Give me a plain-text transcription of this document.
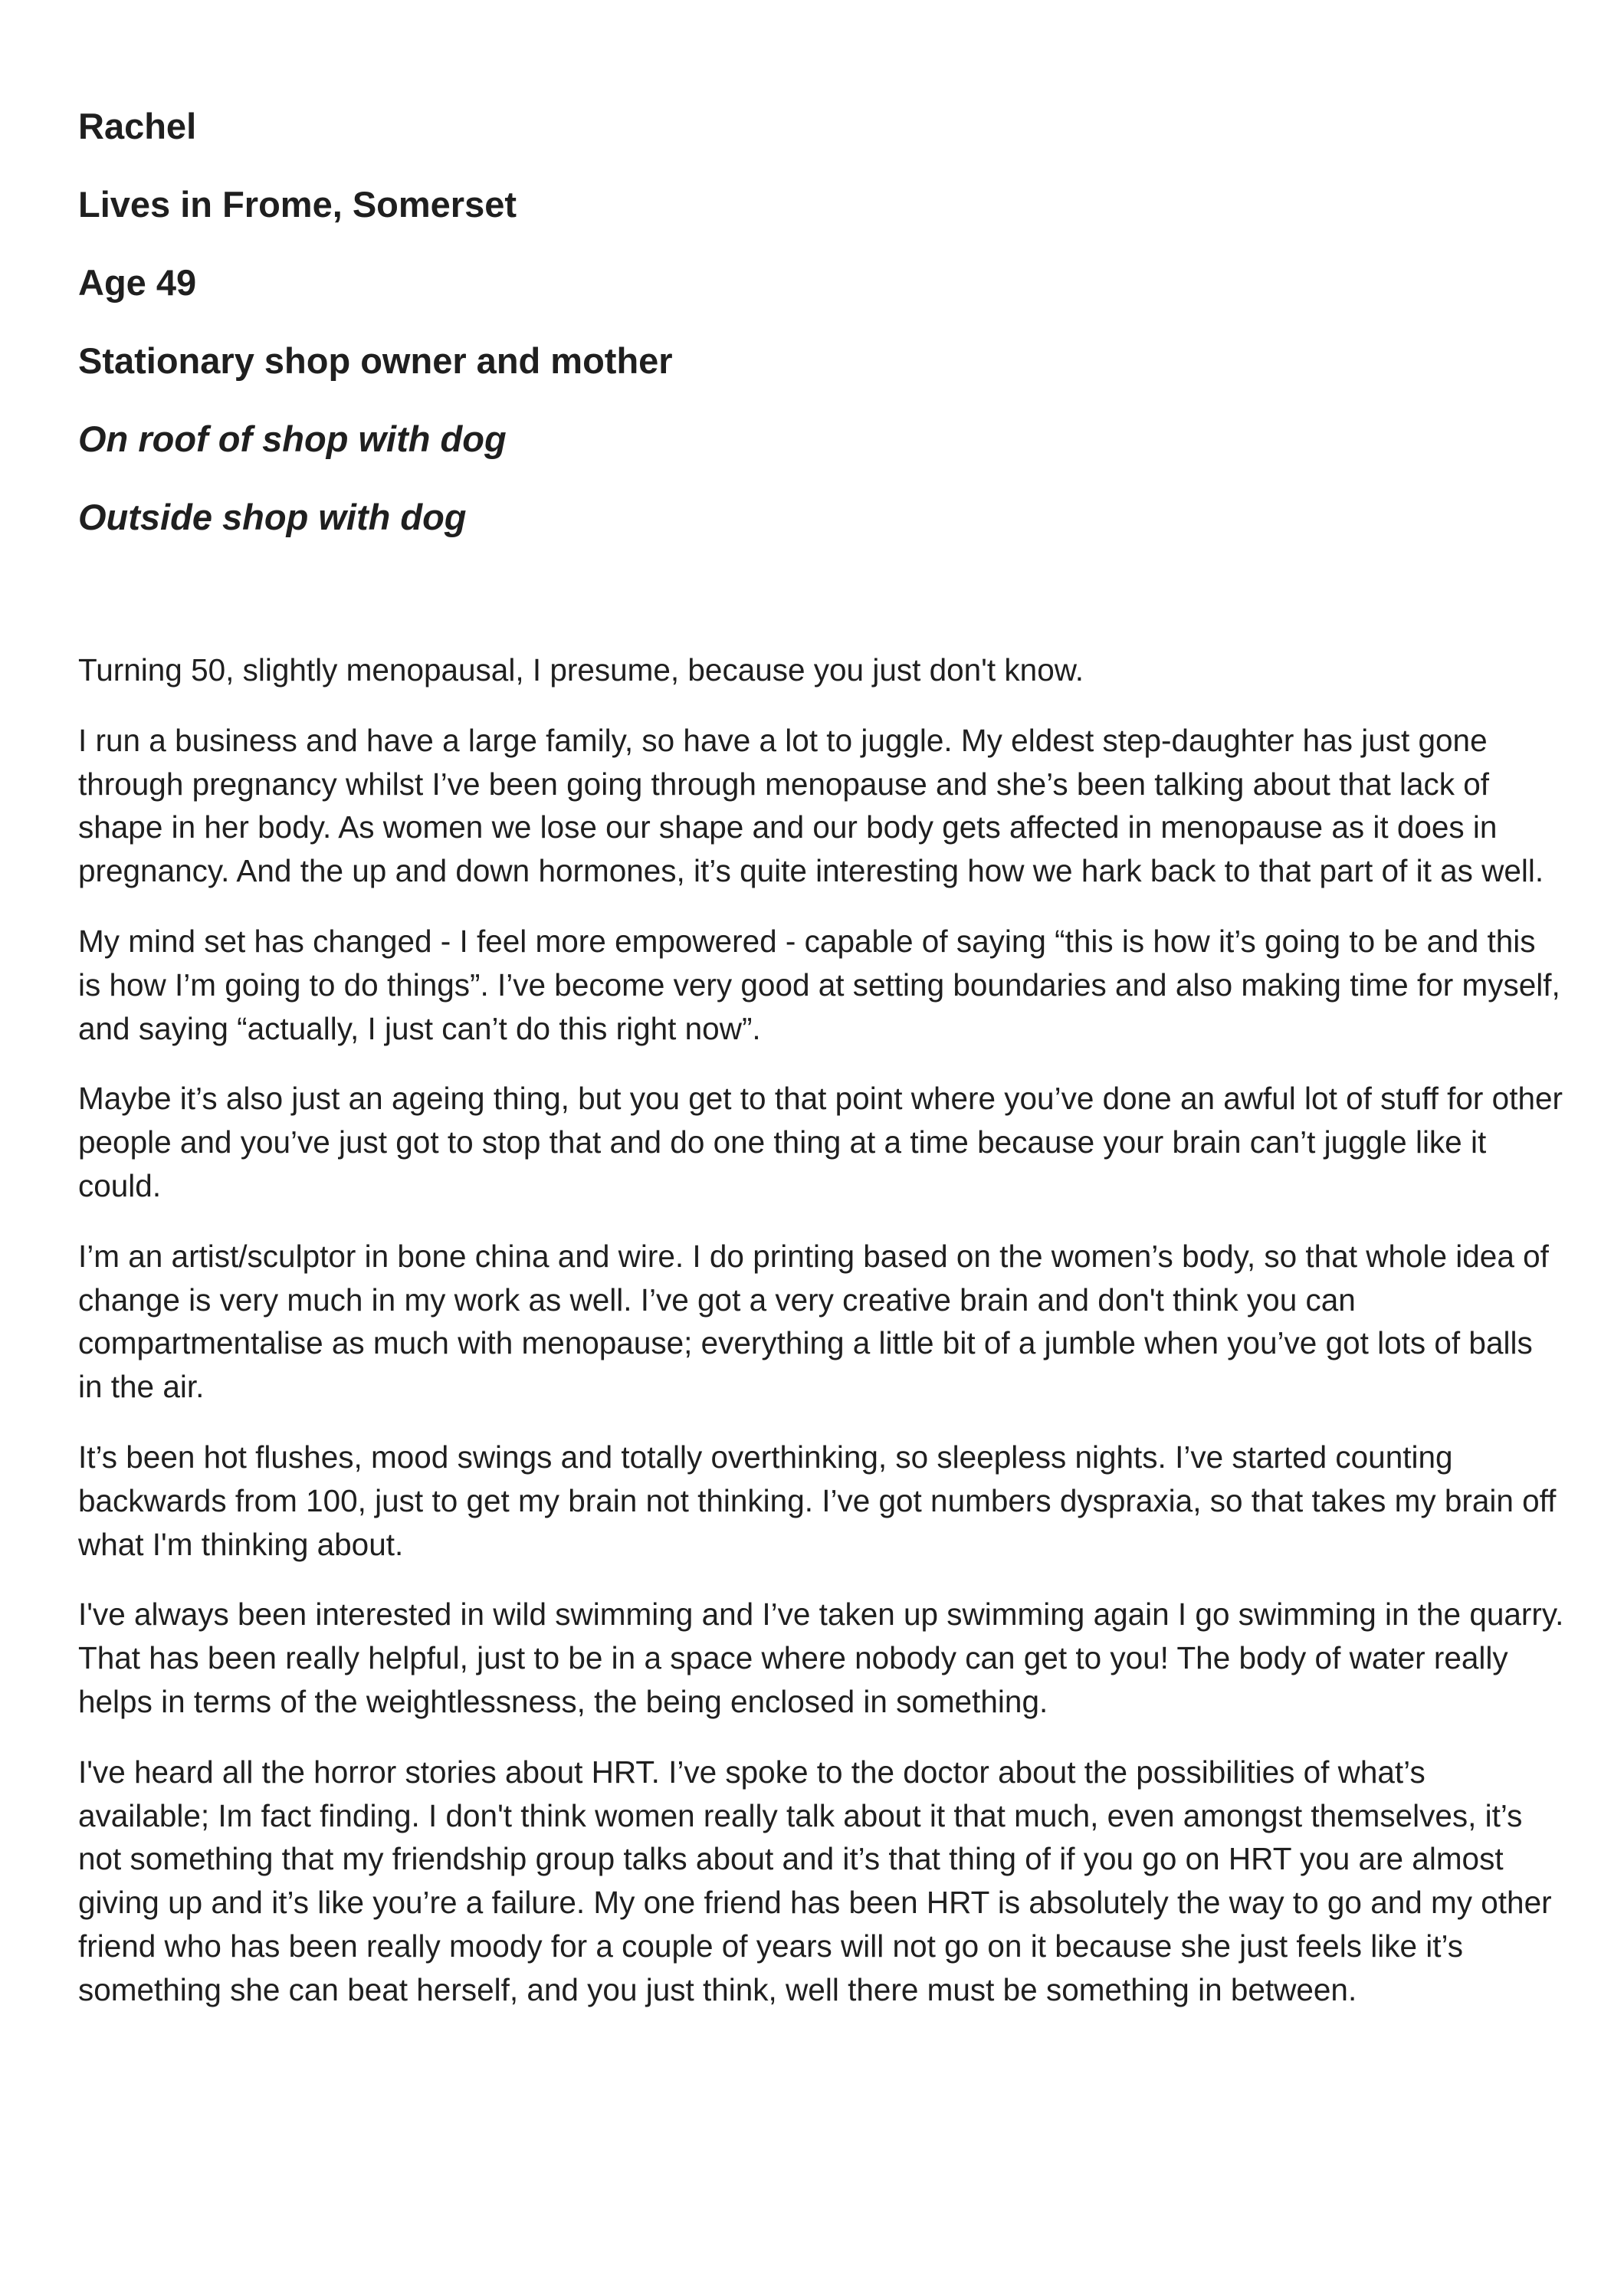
Rachel
Lives in Frome, Somerset
Age 49
Stationary shop owner and mother
On roof of shop with dog
Outside shop with dog

Turning 50, slightly menopausal, I presume, because you just don't know.

I run a business and have a large family, so have a lot to juggle. My eldest step-daughter has just gone through pregnancy whilst I’ve been going through menopause and she’s been talking about that lack of shape in her body. As women we lose our shape and our body gets affected in menopause as it does in pregnancy. And the up and down hormones, it’s quite interesting how we hark back to that part of it as well.

My mind set has changed - I feel more empowered - capable of saying “this is how it’s going to be and this is how I’m going to do things”. I’ve become very good at setting boundaries and also making time for myself, and saying “actually, I just can’t do this right now”.

Maybe it’s also just an ageing thing, but you get to that point where you’ve done an awful lot of stuff for other people and you’ve just got to stop that and do one thing at a time because your brain can’t juggle like it could.

I’m an artist/sculptor in bone china and wire. I do printing based on the women’s body, so that whole idea of change is very much in my work as well. I’ve got a very creative brain and don't think you can compartmentalise as much with menopause; everything a little bit of a jumble when you’ve got lots of balls in the air.

It’s been hot flushes, mood swings and totally overthinking, so sleepless nights. I’ve started counting backwards from 100, just to get my brain not thinking. I’ve got numbers dyspraxia, so that takes my brain off what I'm thinking about.

I've always been interested in wild swimming and I’ve taken up swimming again I go swimming in the quarry. That has been really helpful, just to be in a space where nobody can get to you! The body of water really helps in terms of the weightlessness, the being enclosed in something.

I've heard all the horror stories about HRT. I’ve spoke to the doctor about the possibilities of what’s available; Im fact finding. I don't think women really talk about it that much, even amongst themselves, it’s not something that my friendship group talks about and it’s that thing of if you go on HRT you are almost giving up and it’s like you’re a failure. My one friend has been HRT is absolutely the way to go and my other friend who has been really moody for a couple of years will not go on it because she just feels like it’s something she can beat herself, and you just think, well there must be something in between.
